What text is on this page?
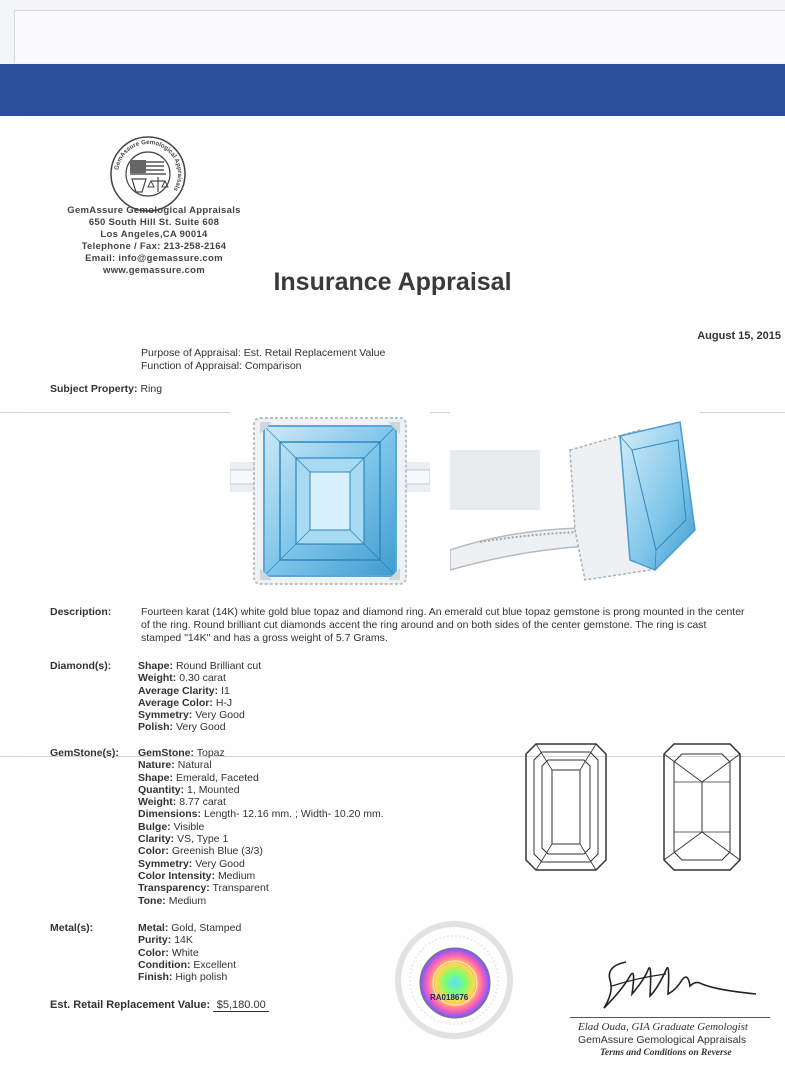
GemAssure Gemological Appraisals
GemAssure Gemological Appraisals
650 South Hill St. Suite 608
Los Angeles,CA 90014
Telephone / Fax: 213-258-2164
Email: info@gemassure.com
www.gemassure.com	Insurance Appraisal
August 15, 2015
Purpose of Appraisal: Est. Retail Replacement Value
Function of Appraisal: Comparison
Subject Property: Ring
Description:	Fourteen karat (14K) white gold blue topaz and diamond ring. An emerald cut blue topaz gemstone is prong mounted in the center
of the ring. Round brilliant cut diamonds accent the ring around and on both sides of the center gemstone. The ring is cast
stamped "14K" and has a gross weight of 5.7 Grams.
Diamond(s):	Shape: Round Brilliant cut
Weight: 0.30 carat
Average Clarity: I1
Average Color: H-J
Symmetry: Very Good
Polish: Very Good
GemStone(s): GemStone: Topaz
Nature: Natural
Shape: Emerald, Faceted
Quantity: 1, Mounted
Weight: 8.77 carat
Dimensions: Length- 12.16 mm. ; Width- 10.20 mm.
Bulge: Visible
Clarity: VS, Type 1
Color: Greenish Blue (3/3)
Symmetry: Very Good
Color Intensity: Medium
Transparency: Transparent
Tone: Medium
Metal(s):	Metal: Gold, Stamped
Purity: 14K
Color: White
Condition: Excellent
Finish: High polish
Est. Retail Replacement Value: $5,180.00
RA018676
Elad Ouda, GIA Graduate Gemologist
GemAssure Gemological Appraisals
Terms and Conditions on Reverse
